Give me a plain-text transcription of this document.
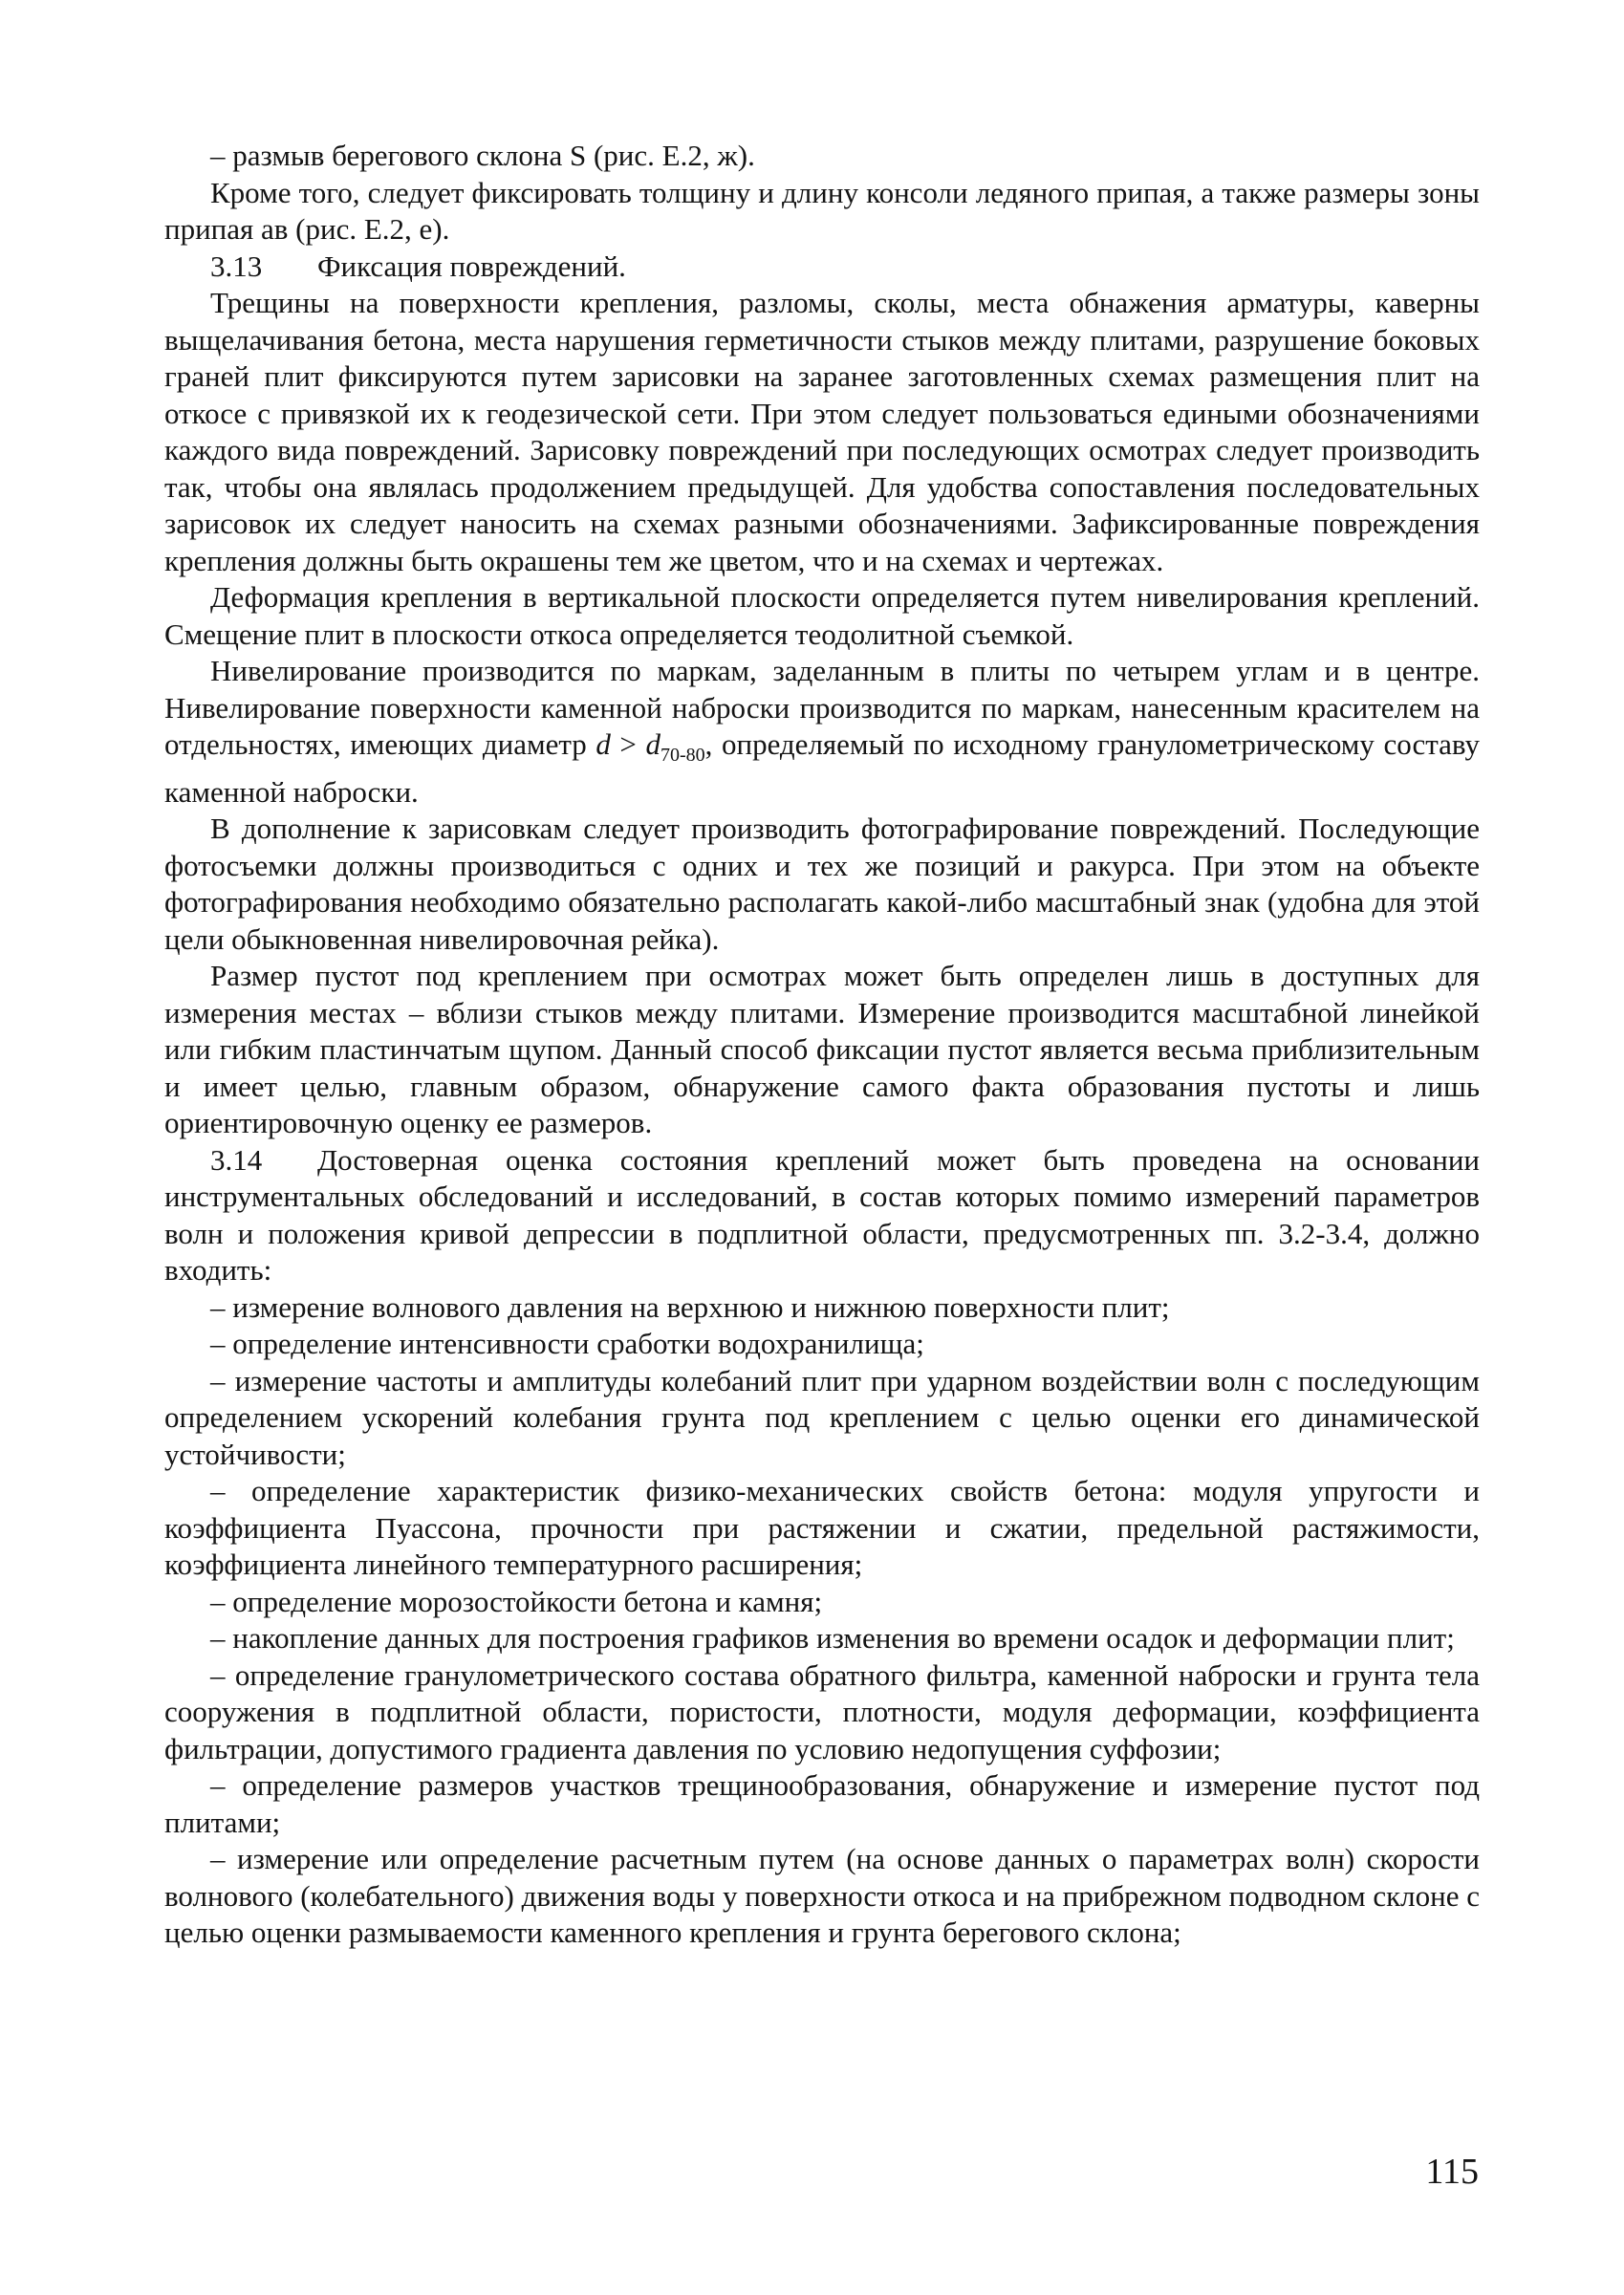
– размыв берегового склона S (рис. Е.2, ж).

Кроме того, следует фиксировать толщину и длину консоли ледяного припая, а также размеры зоны припая ав (рис. Е.2, е).

3.13 Фиксация повреждений.

Трещины на поверхности крепления, разломы, сколы, места обнажения арматуры, каверны выщелачивания бетона, места нарушения герметичности стыков между плитами, разрушение боковых граней плит фиксируются путем зарисовки на заранее заготовленных схемах размещения плит на откосе с привязкой их к геодезической сети. При этом следует пользоваться едиными обозначениями каждого вида повреждений. Зарисовку повреждений при последующих осмотрах следует производить так, чтобы она являлась продолжением предыдущей. Для удобства сопоставления последовательных зарисовок их следует наносить на схемах разными обозначениями. Зафиксированные повреждения крепления должны быть окрашены тем же цветом, что и на схемах и чертежах.

Деформация крепления в вертикальной плоскости определяется путем нивелирования креплений. Смещение плит в плоскости откоса определяется теодолитной съемкой.

Нивелирование производится по маркам, заделанным в плиты по четырем углам и в центре. Нивелирование поверхности каменной наброски производится по маркам, нанесенным красителем на отдельностях, имеющих диаметр $d > d_{70-80}$, определяемый по исходному гранулометрическому составу каменной наброски.

В дополнение к зарисовкам следует производить фотографирование повреждений. Последующие фотосъемки должны производиться с одних и тех же позиций и ракурса. При этом на объекте фотографирования необходимо обязательно располагать какой-либо масштабный знак (удобна для этой цели обыкновенная нивелировочная рейка).

Размер пустот под креплением при осмотрах может быть определен лишь в доступных для измерения местах – вблизи стыков между плитами. Измерение производится масштабной линейкой или гибким пластинчатым щупом. Данный способ фиксации пустот является весьма приблизительным и имеет целью, главным образом, обнаружение самого факта образования пустоты и лишь ориентировочную оценку ее размеров.

3.14 Достоверная оценка состояния креплений может быть проведена на основании инструментальных обследований и исследований, в состав которых помимо измерений параметров волн и положения кривой депрессии в подплитной области, предусмотренных пп. 3.2-3.4, должно входить:

– измерение волнового давления на верхнюю и нижнюю поверхности плит;

– определение интенсивности сработки водохранилища;

– измерение частоты и амплитуды колебаний плит при ударном воздействии волн с последующим определением ускорений колебания грунта под креплением с целью оценки его динамической устойчивости;

– определение характеристик физико-механических свойств бетона: модуля упругости и коэффициента Пуассона, прочности при растяжении и сжатии, предельной растяжимости, коэффициента линейного температурного расширения;

– определение морозостойкости бетона и камня;

– накопление данных для построения графиков изменения во времени осадок и деформации плит;

– определение гранулометрического состава обратного фильтра, каменной наброски и грунта тела сооружения в подплитной области, пористости, плотности, модуля деформации, коэффициента фильтрации, допустимого градиента давления по условию недопущения суффозии;

– определение размеров участков трещинообразования, обнаружение и измерение пустот под плитами;

– измерение или определение расчетным путем (на основе данных о параметрах волн) скорости волнового (колебательного) движения воды у поверхности откоса и на прибрежном подводном склоне с целью оценки размываемости каменного крепления и грунта берегового склона;

115
